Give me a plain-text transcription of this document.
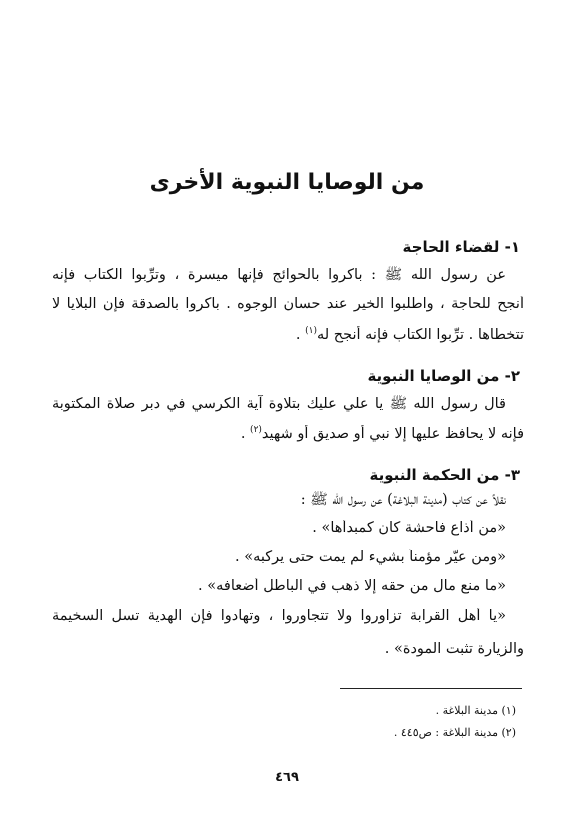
من الوصايا النبوية الأخرى
١- لقضاء الحاجة
عن رسول الله ﷺ : باكروا بالحوائج فإنها ميسرة ، وترِّبوا الكتاب فإنه
أنجح للحاجة ، واطلبوا الخير عند حسان الوجوه . باكروا بالصدقة فإن البلايا لا
تتخطاها . ترِّبوا الكتاب فإنه أنجح له$^{(١)}$ .
٢- من الوصايا النبوية
قال رسول الله ﷺ يا علي عليك بتلاوة آية الكرسي في دبر صلاة المكتوبة
فإنه لا يحافظ عليها إلا نبي أو صديق أو شهيد$^{(٢)}$ .
٣- من الحكمة النبوية
نقلاً عن كتاب (مدينة البلاغة) عن رسول الله ﷺ :
«من أذاع فاحشة كان كمبدأها» .
«ومن عيّر مؤمناً بشيء لم يمت حتى يركبه» .
«ما منع مال من حقه إلا ذهب في الباطل أضعافه» .
«يا أهل القرابة تزاوروا ولا تتجاوروا ، وتهادوا فإن الهدية تسل السخيمة
والزيارة تثبت المودة» .
(١) مدينة البلاغة .
(٢) مدينة البلاغة : ص٤٤٥ .
٤٦٩
